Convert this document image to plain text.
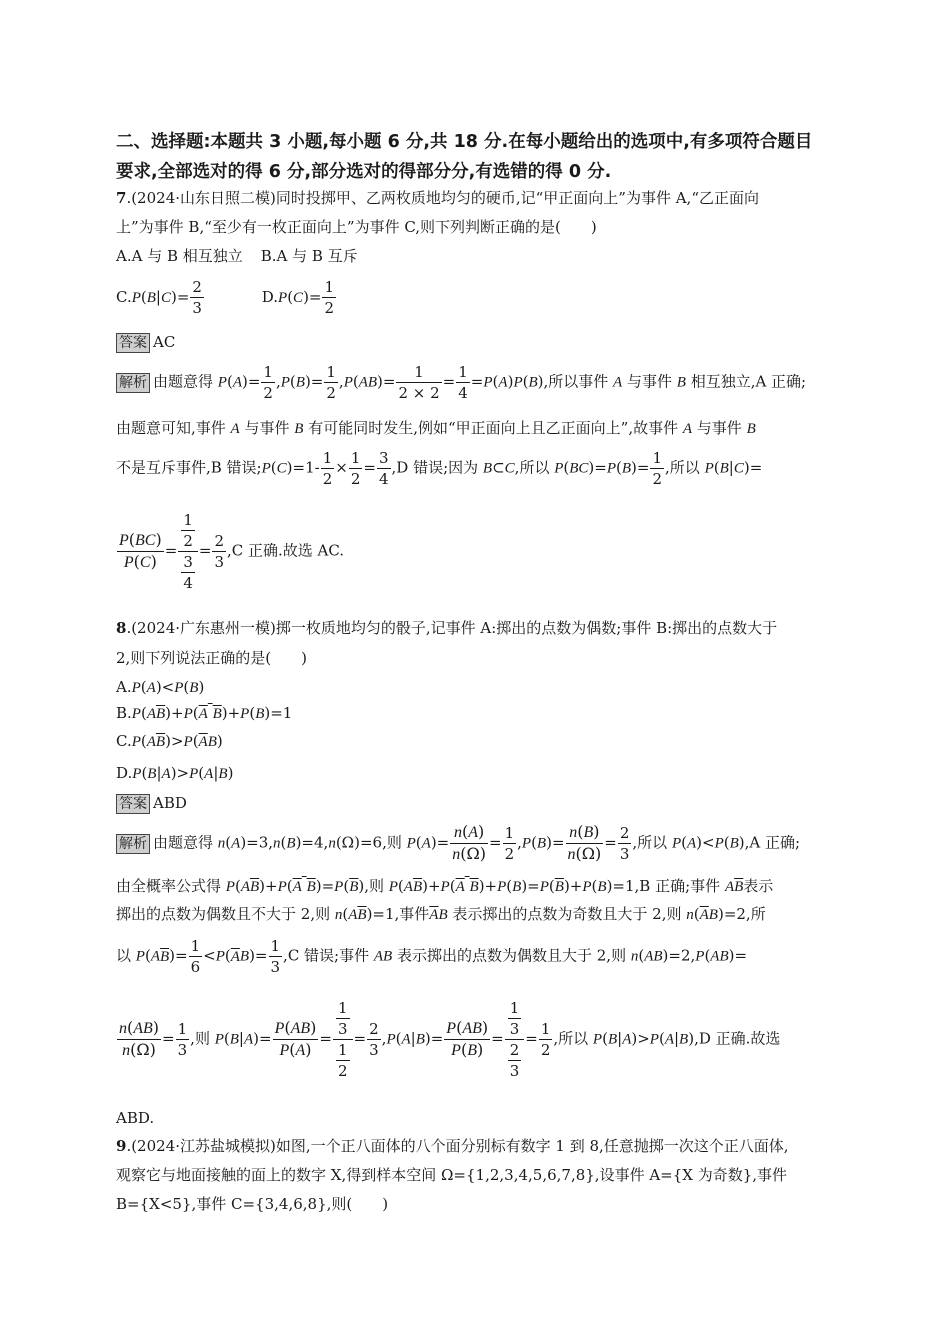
二、选择题:本题共 3 小题,每小题 6 分,共 18 分.在每小题给出的选项中,有多项符合题目
要求,全部选对的得 6 分,部分选对的得部分分,有选错的得 0 分.
7.(2024·山东日照二模)同时投掷甲、乙两枚质地均匀的硬币,记“甲正面向上”为事件 A,“乙正面向
上”为事件 B,“至少有一枚正面向上”为事件 C,则下列判断正确的是(　　)
A.A 与 B 相互独立 B.A 与 B 互斥
$C.P(B|C)= \frac{2}{3}$	$D.P(C)= \frac{1}{2}$
答案 AC
解析 由题意得 $P(A)= \frac{1}{2} ,P(B)= \frac{1}{2} ,P(AB)= \frac{1}{2 \times 2} = \frac{1}{4} =P(A)P(B)$,所以事件 A 与事件 B 相互独立,A 正确;
由题意可知,事件 A 与事件 B 有可能同时发生,例如“甲正面向上且乙正面向上”,故事件 A 与事件 B
不是互斥事件,B 错误;P(C)=1- $\frac{1}{2} \times \frac{1}{2} = \frac{3}{4} ,D$ 错误;因为 B⊂C,所以 $P(BC)=P(B)= \frac{1}{2}$ ,所以 P(B|C)=
$\frac{P(BC)}{P(C)} = \frac{\frac{1}{2}}{\frac{3}{4}} = \frac{2}{3} ,C$ 正确.故选 AC.
8.(2024·广东惠州一模)掷一枚质地均匀的骰子,记事件 A:掷出的点数为偶数;事件 B:掷出的点数大于
2,则下列说法正确的是(　　)
A.P(A)<P(B)
$B.P(A\overline{B})+P(A$ B)+P(B)=1
$C.P(A\overline{B})>P(\overline{A}B)$
D.P(B|A)>P(A|B)
答案 ABD
解析 由题意得 n(A)=3,n(B)=4,n(Ω)=6,则 $P(A)= \frac{n(A)}{n(\Omega)} = \frac{1}{2} ,P(B)= \frac{n(B)}{n(\Omega)} = \frac{2}{3}$ ,所以 P(A)<P(B),A 正确;
由全概率公式得 $P(A\overline{B})+P(A$ $B)=P(\overline{B})$,则 $P(A\overline{B})+P(A$ $B)+P(B)=P(\overline{B})+P(B)=1,B$ 正确;事件 $A\overline{B}$表示
掷出的点数为偶数且不大于 2,则 $n(A\overline{B})=1$,事件$\overline{A}B$ 表示掷出的点数为奇数且大于 2,则 $n(\overline{A}B)=2$,所
以 $P(A\overline{B})= \frac{1}{6} <P(\overline{A}B)= \frac{1}{3} ,C$ 错误;事件 AB 表示掷出的点数为偶数且大于 2,则 n(AB)=2,P(AB)=
$\frac{n(AB)}{n(\Omega)} = \frac{1}{3}$ ,则 $P(B|A)= \frac{P(AB)}{P(A)} = \frac{\frac{1}{3}}{\frac{1}{2}} = \frac{2}{3} ,P(A|B)= \frac{P(AB)}{P(B)} = \frac{\frac{1}{3}}{\frac{2}{3}} = \frac{1}{2}$ ,所以 P(B|A)>P(A|B),D 正确.故选
ABD.
9.(2024·江苏盐城模拟)如图,一个正八面体的八个面分别标有数字 1 到 8,任意抛掷一次这个正八面体,
观察它与地面接触的面上的数字 X,得到样本空间 Ω={1,2,3,4,5,6,7,8},设事件 A={X 为奇数},事件
B={X<5},事件 C={3,4,6,8},则(　　)
